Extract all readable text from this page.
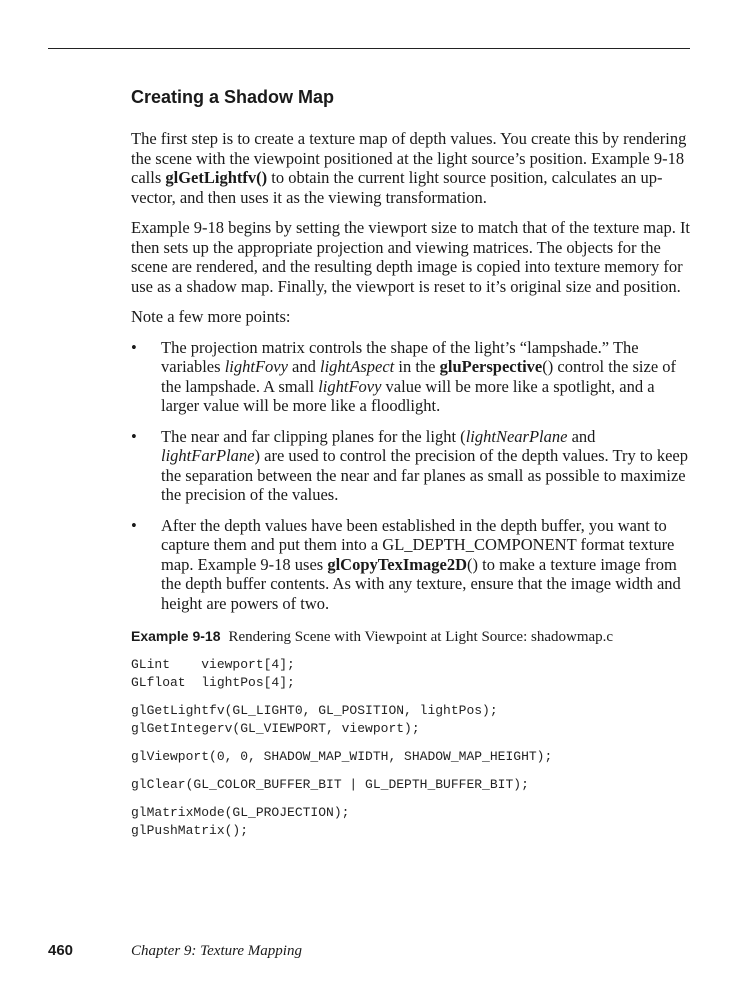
Creating a Shadow Map

The first step is to create a texture map of depth values. You create this by rendering the scene with the viewpoint positioned at the light source’s position. Example 9-18 calls glGetLightfv() to obtain the current light source position, calculates an up-vector, and then uses it as the viewing transformation.

Example 9-18 begins by setting the viewport size to match that of the texture map. It then sets up the appropriate projection and viewing matrices. The objects for the scene are rendered, and the resulting depth image is copied into texture memory for use as a shadow map. Finally, the viewport is reset to it’s original size and position.

Note a few more points:

• The projection matrix controls the shape of the light’s “lampshade.” The variables lightFovy and lightAspect in the gluPerspective() control the size of the lampshade. A small lightFovy value will be more like a spotlight, and a larger value will be more like a floodlight.
• The near and far clipping planes for the light (lightNearPlane and lightFarPlane) are used to control the precision of the depth values. Try to keep the separation between the near and far planes as small as possible to maximize the precision of the values.
• After the depth values have been established in the depth buffer, you want to capture them and put them into a GL_DEPTH_COMPONENT format texture map. Example 9-18 uses glCopyTexImage2D() to make a texture image from the depth buffer contents. As with any texture, ensure that the image width and height are powers of two.
Example 9-18 Rendering Scene with Viewpoint at Light Source: shadowmap.c
GLint    viewport[4];
GLfloat  lightPos[4];
glGetLightfv(GL_LIGHT0, GL_POSITION, lightPos);
glGetIntegerv(GL_VIEWPORT, viewport);
glViewport(0, 0, SHADOW_MAP_WIDTH, SHADOW_MAP_HEIGHT);
glClear(GL_COLOR_BUFFER_BIT | GL_DEPTH_BUFFER_BIT);
glMatrixMode(GL_PROJECTION);
glPushMatrix();
460	Chapter 9: Texture Mapping
